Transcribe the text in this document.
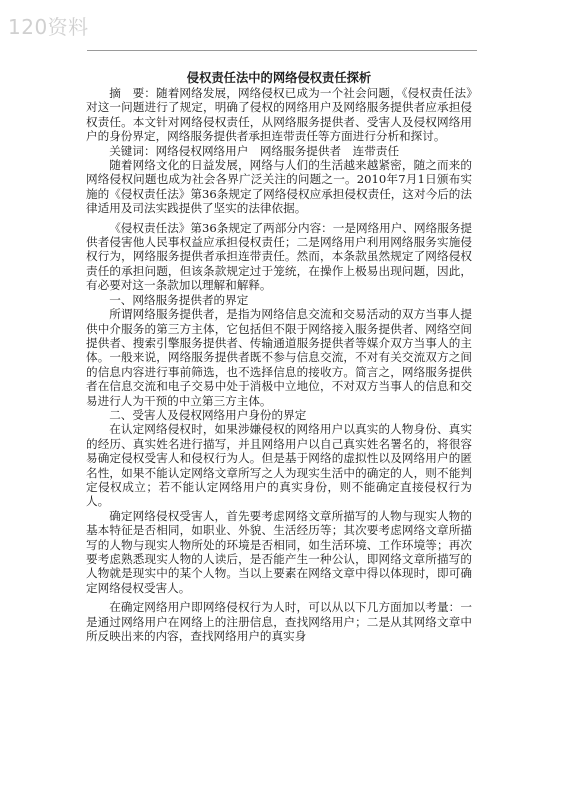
120资料

侵权责任法中的网络侵权责任探析

摘　要：随着网络发展，网络侵权已成为一个社会问题，《侵权责任法》对这一问题进行了规定，明确了侵权的网络用户及网络服务提供者应承担侵权责任。本文针对网络侵权责任，从网络服务提供者、受害人及侵权网络用户的身份界定，网络服务提供者承担连带责任等方面进行分析和探讨。

关键词：网络侵权网络用户　网络服务提供者　连带责任

随着网络文化的日益发展，网络与人们的生活越来越紧密，随之而来的网络侵权问题也成为社会各界广泛关注的问题之一。2010年7月1日颁布实施的《侵权责任法》第36条规定了网络侵权应承担侵权责任，这对今后的法律适用及司法实践提供了坚实的法律依据。

《侵权责任法》第36条规定了两部分内容：一是网络用户、网络服务提供者侵害他人民事权益应承担侵权责任；二是网络用户利用网络服务实施侵权行为，网络服务提供者承担连带责任。然而，本条款虽然规定了网络侵权责任的承担问题，但该条款规定过于笼统，在操作上极易出现问题，因此，有必要对这一条款加以理解和解释。

一、网络服务提供者的界定

所谓网络服务提供者，是指为网络信息交流和交易活动的双方当事人提供中介服务的第三方主体，它包括但不限于网络接入服务提供者、网络空间提供者、搜索引擎服务提供者、传输通道服务提供者等媒介双方当事人的主体。一般来说，网络服务提供者既不参与信息交流，不对有关交流双方之间的信息内容进行事前筛选，也不选择信息的接收方。简言之，网络服务提供者在信息交流和电子交易中处于消极中立地位，不对双方当事人的信息和交易进行人为干预的中立第三方主体。

二、受害人及侵权网络用户身份的界定

在认定网络侵权时，如果涉嫌侵权的网络用户以真实的人物身份、真实的经历、真实姓名进行描写，并且网络用户以自己真实姓名署名的，将很容易确定侵权受害人和侵权行为人。但是基于网络的虚拟性以及网络用户的匿名性，如果不能认定网络文章所写之人为现实生活中的确定的人，则不能判定侵权成立；若不能认定网络用户的真实身份，则不能确定直接侵权行为人。

确定网络侵权受害人，首先要考虑网络文章所描写的人物与现实人物的基本特征是否相同，如职业、外貌、生活经历等；其次要考虑网络文章所描写的人物与现实人物所处的环境是否相同，如生活环境、工作环境等；再次要考虑熟悉现实人物的人读后，是否能产生一种公认，即网络文章所描写的人物就是现实中的某个人物。当以上要素在网络文章中得以体现时，即可确定网络侵权受害人。

在确定网络用户即网络侵权行为人时，可以从以下几方面加以考量：一是通过网络用户在网络上的注册信息，查找网络用户；二是从其网络文章中所反映出来的内容，查找网络用户的真实身
